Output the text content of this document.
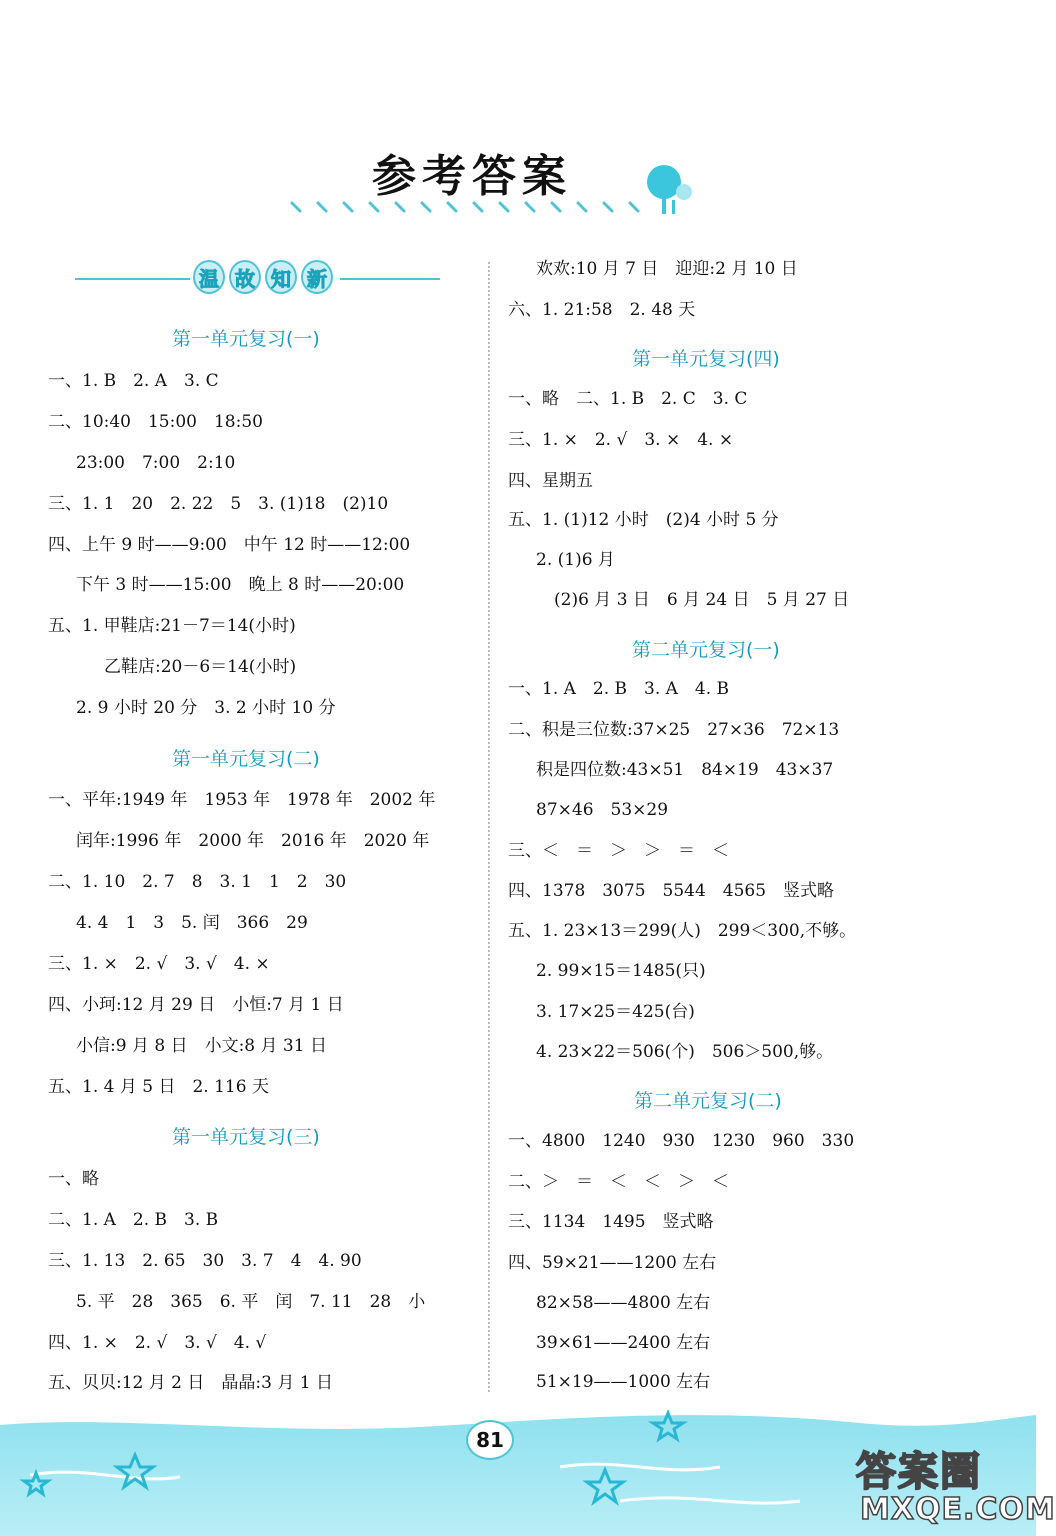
参考答案
温 故 知 新
第一单元复习(一)
一、1. B　2. A　3. C
二、10:40　15:00　18:50
23:00　7:00　2:10
三、1. 1　20　2. 22　5　3. (1)18　(2)10
四、上午 9 时——9:00　中午 12 时——12:00
下午 3 时——15:00　晚上 8 时——20:00
五、1. 甲鞋店:21－7＝14(小时)
乙鞋店:20－6＝14(小时)
2. 9 小时 20 分　3. 2 小时 10 分
第一单元复习(二)
一、平年:1949 年　1953 年　1978 年　2002 年
闰年:1996 年　2000 年　2016 年　2020 年
二、1. 10　2. 7　8　3. 1　1　2　30
4. 4　1　3　5. 闰　366　29
三、1. ×　2. √　3. √　4. ×
四、小珂:12 月 29 日　小恒:7 月 1 日
小信:9 月 8 日　小文:8 月 31 日
五、1. 4 月 5 日　2. 116 天
第一单元复习(三)
一、略
二、1. A　2. B　3. B
三、1. 13　2. 65　30　3. 7　4　4. 90
5. 平　28　365　6. 平　闰　7. 11　28　小
四、1. ×　2. √　3. √　4. √
五、贝贝:12 月 2 日　晶晶:3 月 1 日
欢欢:10 月 7 日　迎迎:2 月 10 日
六、1. 21:58　2. 48 天
第一单元复习(四)
一、略　二、1. B　2. C　3. C
三、1. ×　2. √　3. ×　4. ×
四、星期五
五、1. (1)12 小时　(2)4 小时 5 分
2. (1)6 月
(2)6 月 3 日　6 月 24 日　5 月 27 日
第二单元复习(一)
一、1. A　2. B　3. A　4. B
二、积是三位数:37×25　27×36　72×13
积是四位数:43×51　84×19　43×37
87×46　53×29
三、＜　＝　＞　＞　＝　＜
四、1378　3075　5544　4565　竖式略
五、1. 23×13＝299(人)　299＜300,不够。
2. 99×15＝1485(只)
3. 17×25＝425(台)
4. 23×22＝506(个)　506＞500,够。
第二单元复习(二)
一、4800　1240　930　1230　960　330
二、＞　＝　＜　＜　＞　＜
三、1134　1495　竖式略
四、59×21——1200 左右
82×58——4800 左右
39×61——2400 左右
51×19——1000 左右
81
答案圈
MXQE.COM
